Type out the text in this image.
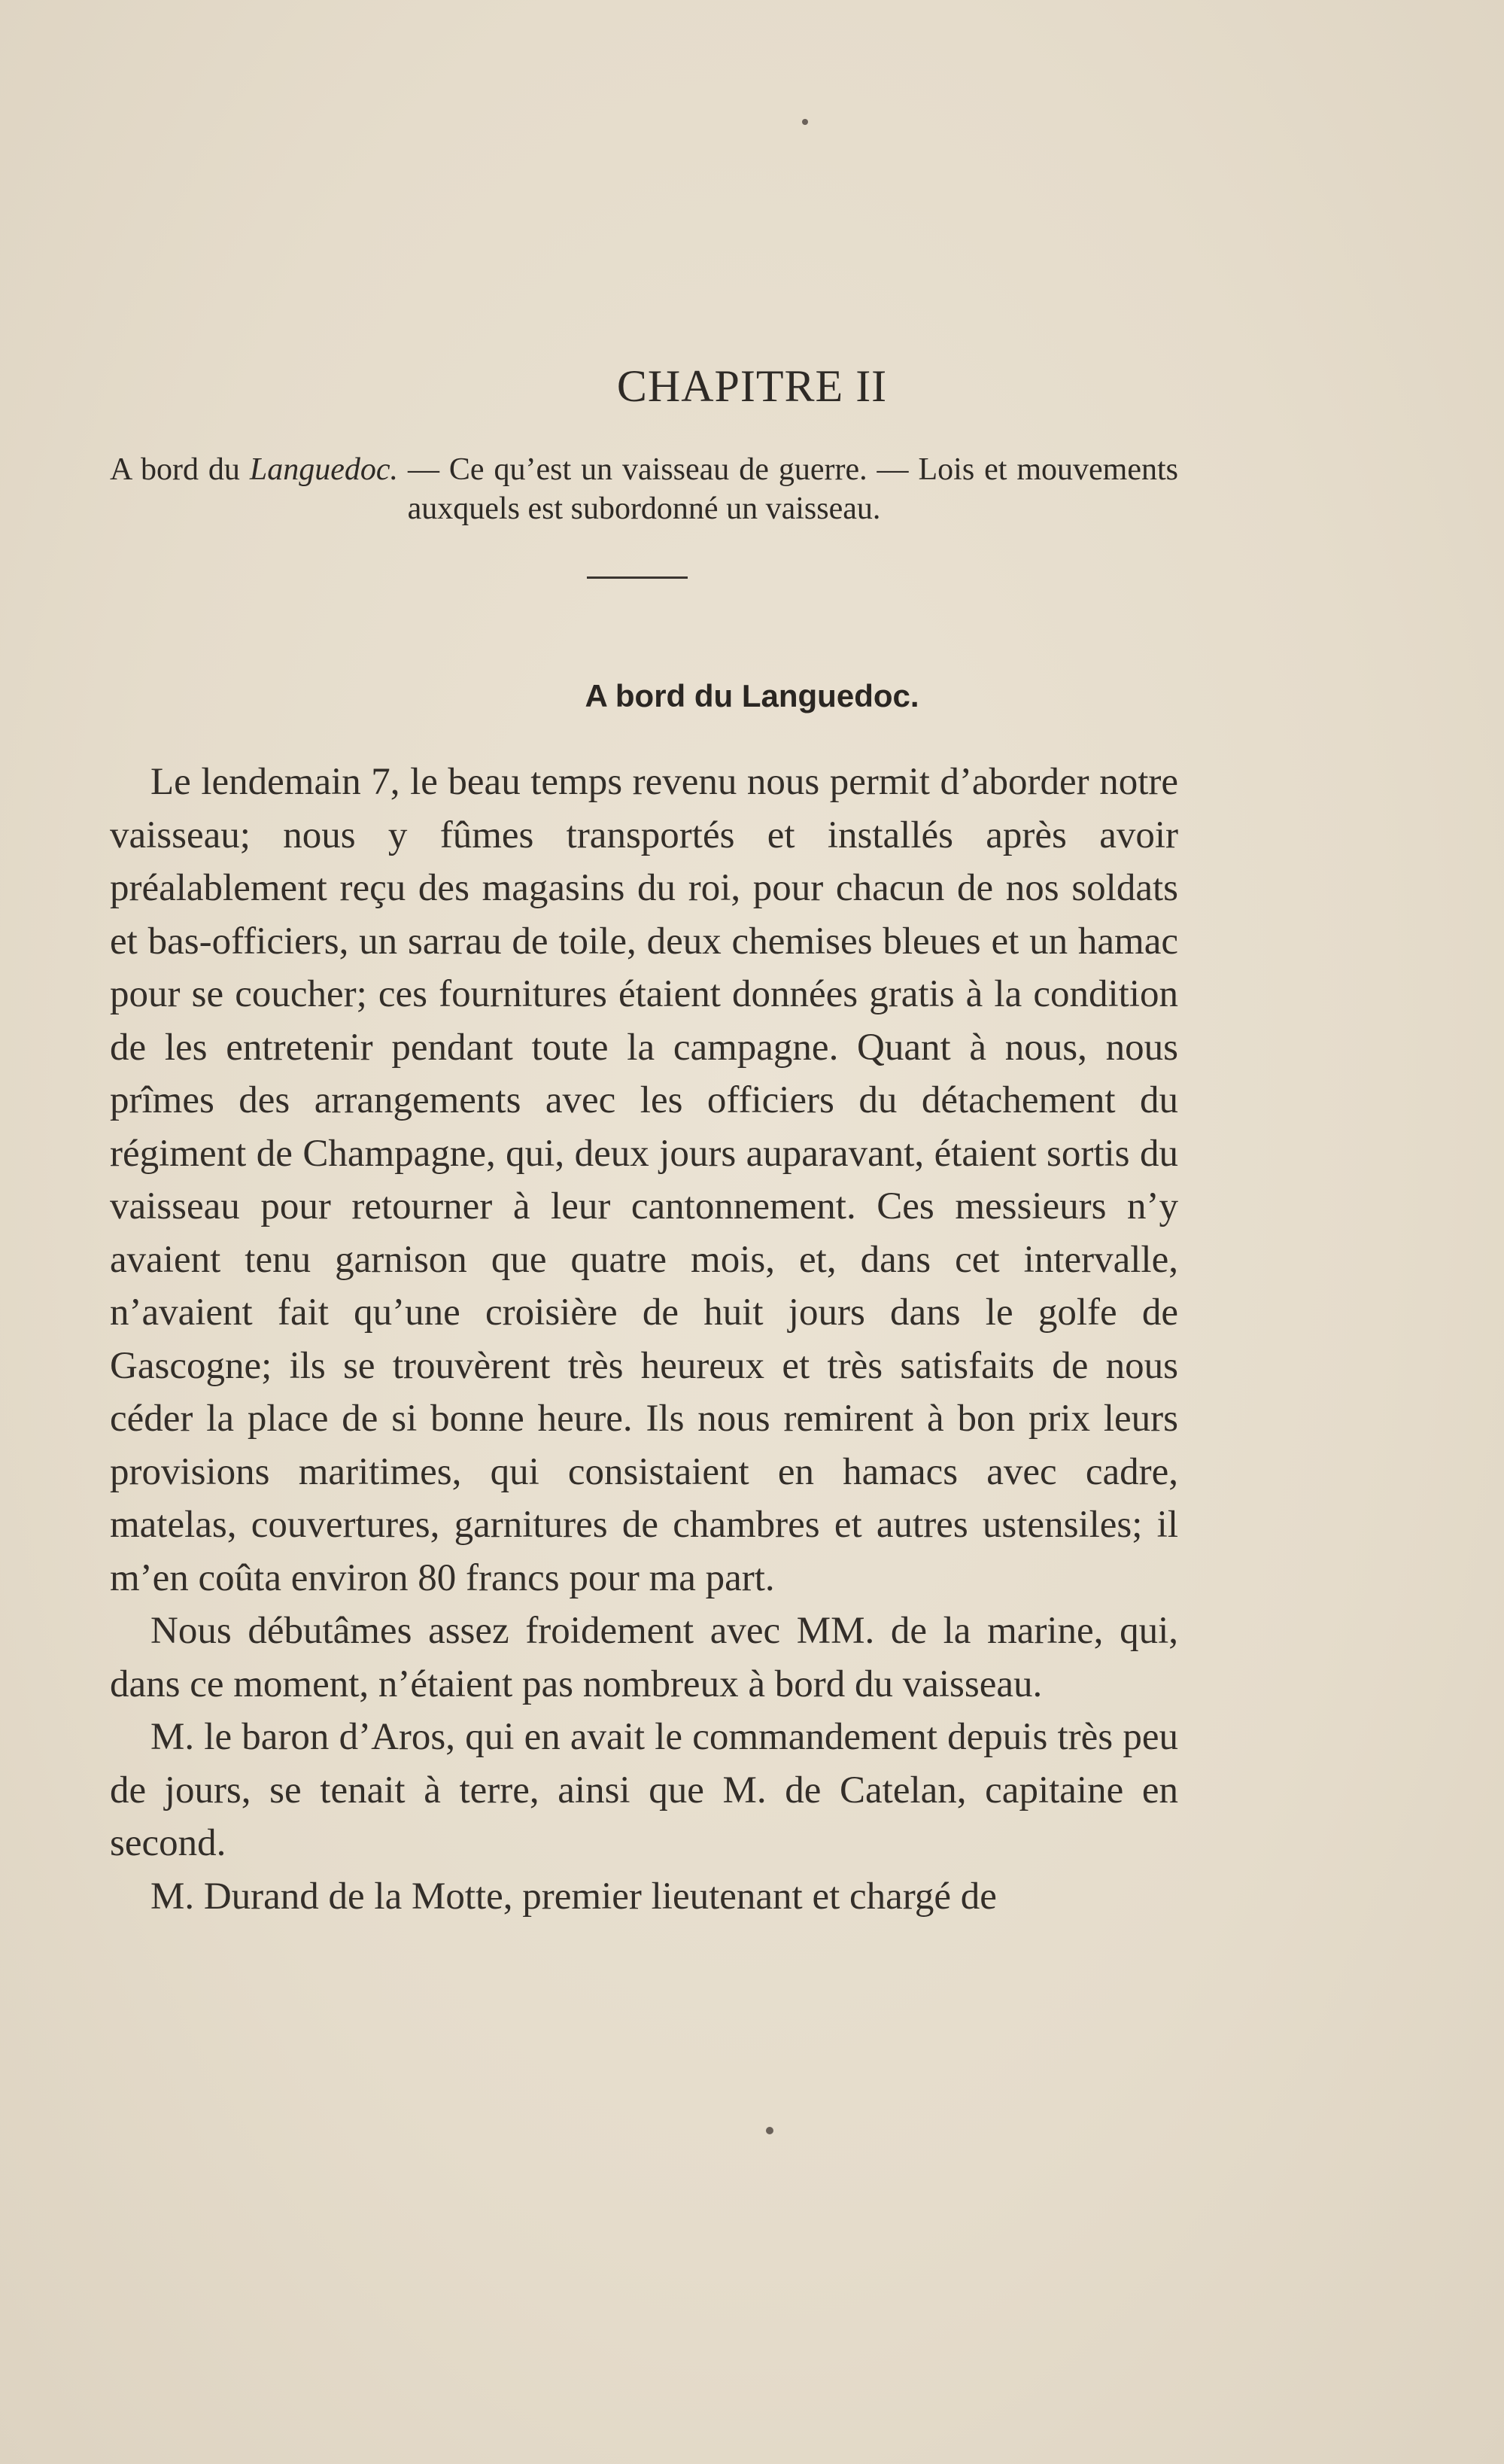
CHAPITRE II
A bord du Languedoc. — Ce qu’est un vaisseau de guerre. — Lois et mouvements auxquels est subordonné un vaisseau.
A bord du Languedoc.

Le lendemain 7, le beau temps revenu nous permit d’aborder notre vaisseau; nous y fûmes transportés et installés après avoir préalablement reçu des magasins du roi, pour chacun de nos soldats et bas-officiers, un sarrau de toile, deux chemises bleues et un hamac pour se coucher; ces fournitures étaient données gratis à la condition de les entretenir pendant toute la campagne. Quant à nous, nous prîmes des arrangements avec les officiers du détachement du régiment de Champagne, qui, deux jours auparavant, étaient sortis du vaisseau pour retourner à leur cantonnement. Ces messieurs n’y avaient tenu garnison que quatre mois, et, dans cet intervalle, n’avaient fait qu’une croisière de huit jours dans le golfe de Gascogne; ils se trouvèrent très heureux et très satisfaits de nous céder la place de si bonne heure. Ils nous remirent à bon prix leurs provisions maritimes, qui consistaient en hamacs avec cadre, matelas, couvertures, garnitures de chambres et autres ustensiles; il m’en coûta environ 80 francs pour ma part.

Nous débutâmes assez froidement avec MM. de la marine, qui, dans ce moment, n’étaient pas nombreux à bord du vaisseau.

M. le baron d’Aros, qui en avait le commandement depuis très peu de jours, se tenait à terre, ainsi que M. de Catelan, capitaine en second.

M. Durand de la Motte, premier lieutenant et chargé de
